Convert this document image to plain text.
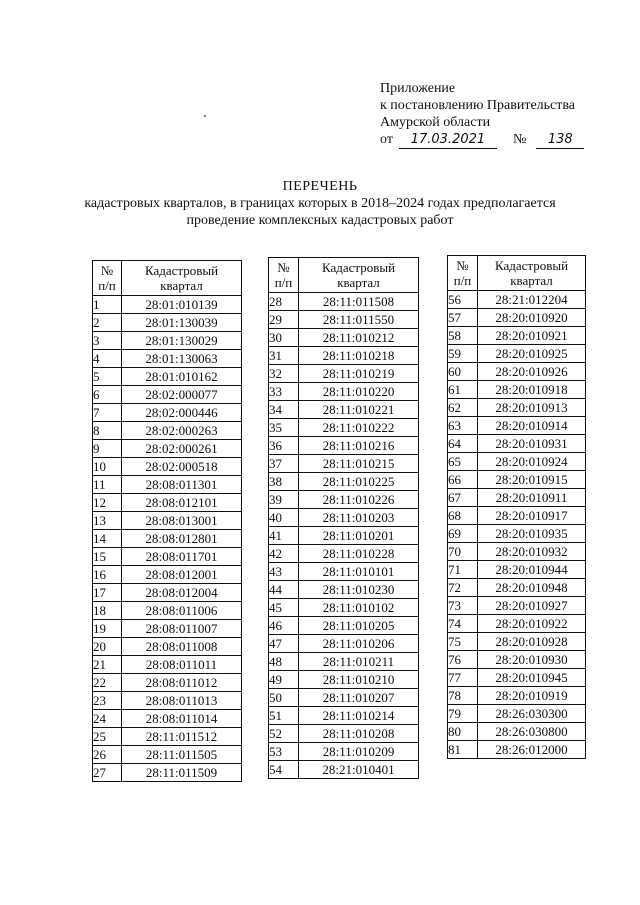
Приложение
к постановлению Правительства
Амурской области
от 17.03.2021 № 138
ПЕРЕЧЕНЬ
кадастровых кварталов, в границах которых в 2018–2024 годах предполагается
проведение комплексных кадастровых работ
№
п/п	Кадастровый
квартал
1	28:01:010139
2	28:01:130039
3	28:01:130029
4	28:01:130063
5	28:01:010162
6	28:02:000077
7	28:02:000446
8	28:02:000263
9	28:02:000261
10	28:02:000518
11	28:08:011301
12	28:08:012101
13	28:08:013001
14	28:08:012801
15	28:08:011701
16	28:08:012001
17	28:08:012004
18	28:08:011006
19	28:08:011007
20	28:08:011008
21	28:08:011011
22	28:08:011012
23	28:08:011013
24	28:08:011014
25	28:11:011512
26	28:11:011505
27	28:11:011509
№
п/п	Кадастровый
квартал
28	28:11:011508
29	28:11:011550
30	28:11:010212
31	28:11:010218
32	28:11:010219
33	28:11:010220
34	28:11:010221
35	28:11:010222
36	28:11:010216
37	28:11:010215
38	28:11:010225
39	28:11:010226
40	28:11:010203
41	28:11:010201
42	28:11:010228
43	28:11:010101
44	28:11:010230
45	28:11:010102
46	28:11:010205
47	28:11:010206
48	28:11:010211
49	28:11:010210
50	28:11:010207
51	28:11:010214
52	28:11:010208
53	28:11:010209
54	28:21:010401
№
п/п	Кадастровый
квартал
56	28:21:012204
57	28:20:010920
58	28:20:010921
59	28:20:010925
60	28:20:010926
61	28:20:010918
62	28:20:010913
63	28:20:010914
64	28:20:010931
65	28:20:010924
66	28:20:010915
67	28:20:010911
68	28:20:010917
69	28:20:010935
70	28:20:010932
71	28:20:010944
72	28:20:010948
73	28:20:010927
74	28:20:010922
75	28:20:010928
76	28:20:010930
77	28:20:010945
78	28:20:010919
79	28:26:030300
80	28:26:030800
81	28:26:012000
